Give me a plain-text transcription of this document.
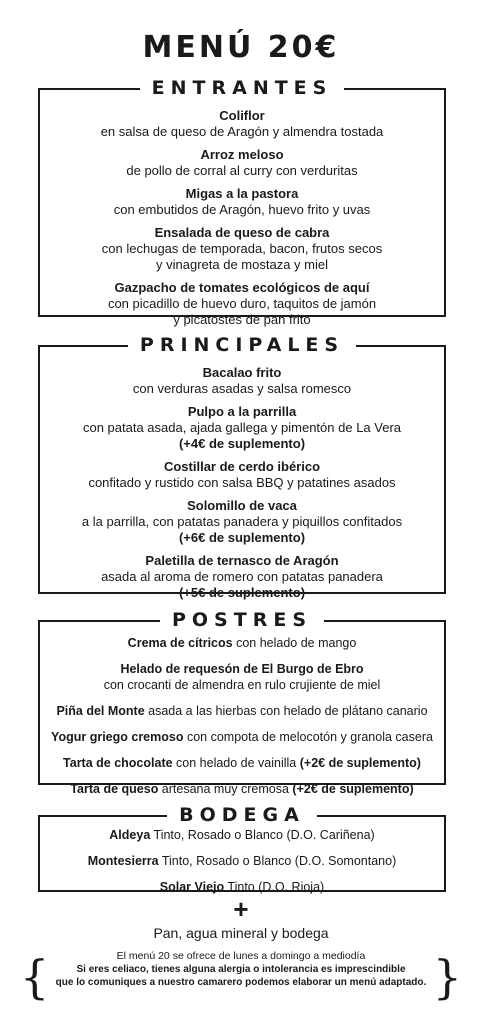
MENÚ 20€
ENTRANTES
Coliflor
en salsa de queso de Aragón y almendra tostada
Arroz meloso
de pollo de corral al curry con verduritas
Migas a la pastora
con embutidos de Aragón, huevo frito y uvas
Ensalada de queso de cabra
con lechugas de temporada, bacon, frutos secos
y vinagreta de mostaza y miel
Gazpacho de tomates ecológicos de aquí
con picadillo de huevo duro, taquitos de jamón
y picatostes de pan frito
PRINCIPALES
Bacalao frito
con verduras asadas y salsa romesco
Pulpo a la parrilla
con patata asada, ajada gallega y pimentón de La Vera
(+4€ de suplemento)
Costillar de cerdo ibérico
confitado y rustido con salsa BBQ y patatines asados
Solomillo de vaca
a la parrilla, con patatas panadera y piquillos confitados
(+6€ de suplemento)
Paletilla de ternasco de Aragón
asada al aroma de romero con patatas panadera
(+5€ de suplemento)
POSTRES
Crema de cítricos con helado de mango
Helado de requesón de El Burgo de Ebro
con crocanti de almendra en rulo crujiente de miel
Piña del Monte asada a las hierbas con helado de plátano canario
Yogur griego cremoso con compota de melocotón y granola casera
Tarta de chocolate con helado de vainilla (+2€ de suplemento)
Tarta de queso artesana muy cremosa (+2€ de suplemento)
BODEGA
Aldeya Tinto, Rosado o Blanco (D.O. Cariñena)
Montesierra Tinto, Rosado o Blanco (D.O. Somontano)
Solar Viejo Tinto (D.O. Rioja)
+
Pan, agua mineral y bodega
{	}
El menú 20 se ofrece de lunes a domingo a mediodía
Si eres celiaco, tienes alguna alergia o intolerancia es imprescindible
que lo comuniques a nuestro camarero podemos elaborar un menú adaptado.
